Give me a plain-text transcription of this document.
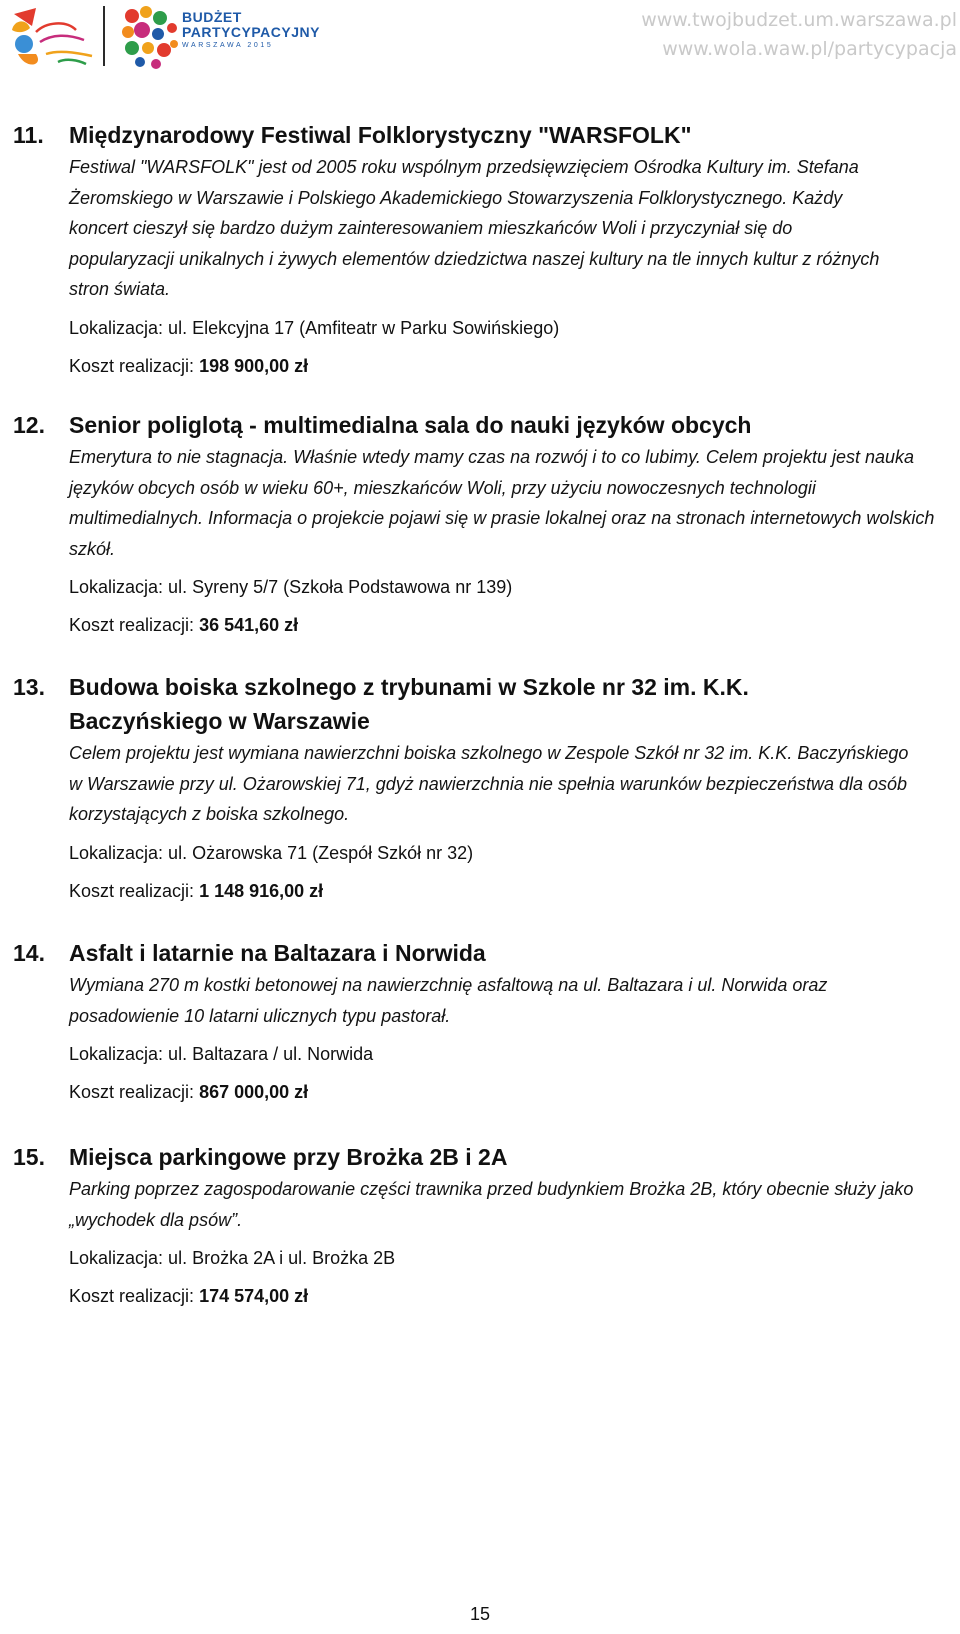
BUDŻET
PARTYCYPACYJNY
WARSZAWA 2015
www.twojbudzet.um.warszawa.pl
www.wola.waw.pl/partycypacja
11. Międzynarodowy Festiwal Folklorystyczny "WARSFOLK"

Festiwal "WARSFOLK" jest od 2005 roku wspólnym przedsięwzięciem Ośrodka Kultury im. Stefana Żeromskiego w Warszawie i Polskiego Akademickiego Stowarzyszenia Folklorystycznego. Każdy koncert cieszył się bardzo dużym zainteresowaniem mieszkańców Woli i przyczyniał się do popularyzacji unikalnych i żywych elementów dziedzictwa naszej kultury na tle innych kultur z różnych stron świata.

Lokalizacja: ul. Elekcyjna 17 (Amfiteatr w Parku Sowińskiego)

Koszt realizacji: 198 900,00 zł

12. Senior poliglotą - multimedialna sala do nauki języków obcych

Emerytura to nie stagnacja. Właśnie wtedy mamy czas na rozwój i to co lubimy. Celem projektu jest nauka języków obcych osób w wieku 60+, mieszkańców Woli, przy użyciu nowoczesnych technologii multimedialnych. Informacja o projekcie pojawi się w prasie lokalnej oraz na stronach internetowych wolskich szkół.

Lokalizacja: ul. Syreny 5/7 (Szkoła Podstawowa nr 139)

Koszt realizacji: 36 541,60 zł

13. Budowa boiska szkolnego z trybunami w Szkole nr 32 im. K.K. Baczyńskiego w Warszawie

Celem projektu jest wymiana nawierzchni boiska szkolnego w Zespole Szkół nr 32 im. K.K. Baczyńskiego w Warszawie przy ul. Ożarowskiej 71, gdyż nawierzchnia nie spełnia warunków bezpieczeństwa dla osób korzystających z boiska szkolnego.

Lokalizacja: ul. Ożarowska 71 (Zespół Szkół nr 32)

Koszt realizacji: 1 148 916,00 zł

14. Asfalt i latarnie na Baltazara i Norwida

Wymiana 270 m kostki betonowej na nawierzchnię asfaltową na ul. Baltazara i ul. Norwida oraz posadowienie 10 latarni ulicznych typu pastorał.

Lokalizacja: ul. Baltazara / ul. Norwida

Koszt realizacji: 867 000,00 zł

15. Miejsca parkingowe przy Brożka 2B i 2A

Parking poprzez zagospodarowanie części trawnika przed budynkiem Brożka 2B, który obecnie służy jako „wychodek dla psów”.

Lokalizacja: ul. Brożka 2A i ul. Brożka 2B

Koszt realizacji: 174 574,00 zł

15
